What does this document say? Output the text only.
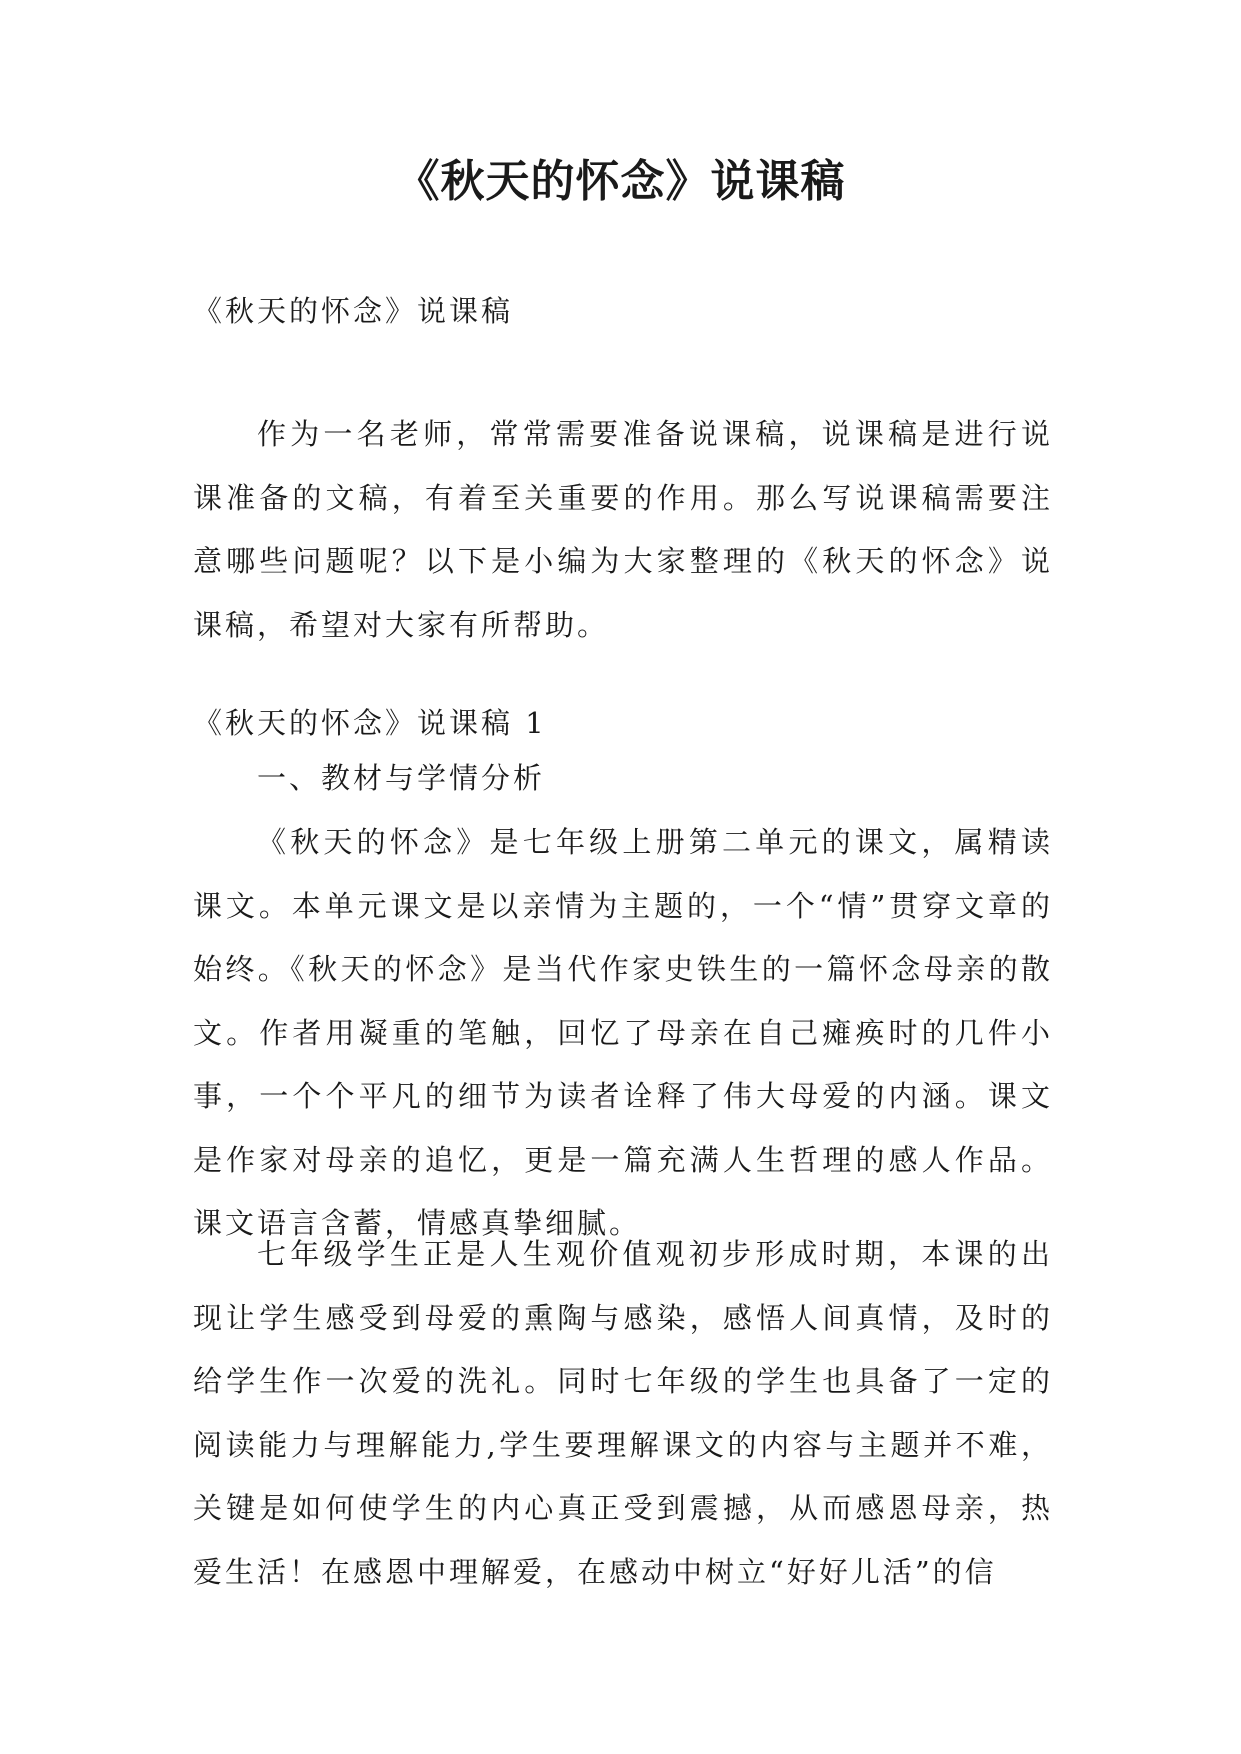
《秋天的怀念》说课稿
《秋天的怀念》说课稿

作为一名老师，常常需要准备说课稿，说课稿是进行说课准备的文稿，有着至关重要的作用。那么写说课稿需要注意哪些问题呢？以下是小编为大家整理的《秋天的怀念》说课稿，希望对大家有所帮助。

《秋天的怀念》说课稿 1
一、教材与学情分析

《秋天的怀念》是七年级上册第二单元的课文，属精读课文。本单元课文是以亲情为主题的，一个“情”贯穿文章的始终。《秋天的怀念》是当代作家史铁生的一篇怀念母亲的散文。作者用凝重的笔触，回忆了母亲在自己瘫痪时的几件小事，一个个平凡的细节为读者诠释了伟大母爱的内涵。课文是作家对母亲的追忆，更是一篇充满人生哲理的感人作品。课文语言含蓄，情感真挚细腻。

七年级学生正是人生观价值观初步形成时期，本课的出现让学生感受到母爱的熏陶与感染，感悟人间真情，及时的给学生作一次爱的洗礼。同时七年级的学生也具备了一定的阅读能力与理解能力,学生要理解课文的内容与主题并不难，关键是如何使学生的内心真正受到震撼，从而感恩母亲，热爱生活！在感恩中理解爱，在感动中树立“好好儿活”的信
